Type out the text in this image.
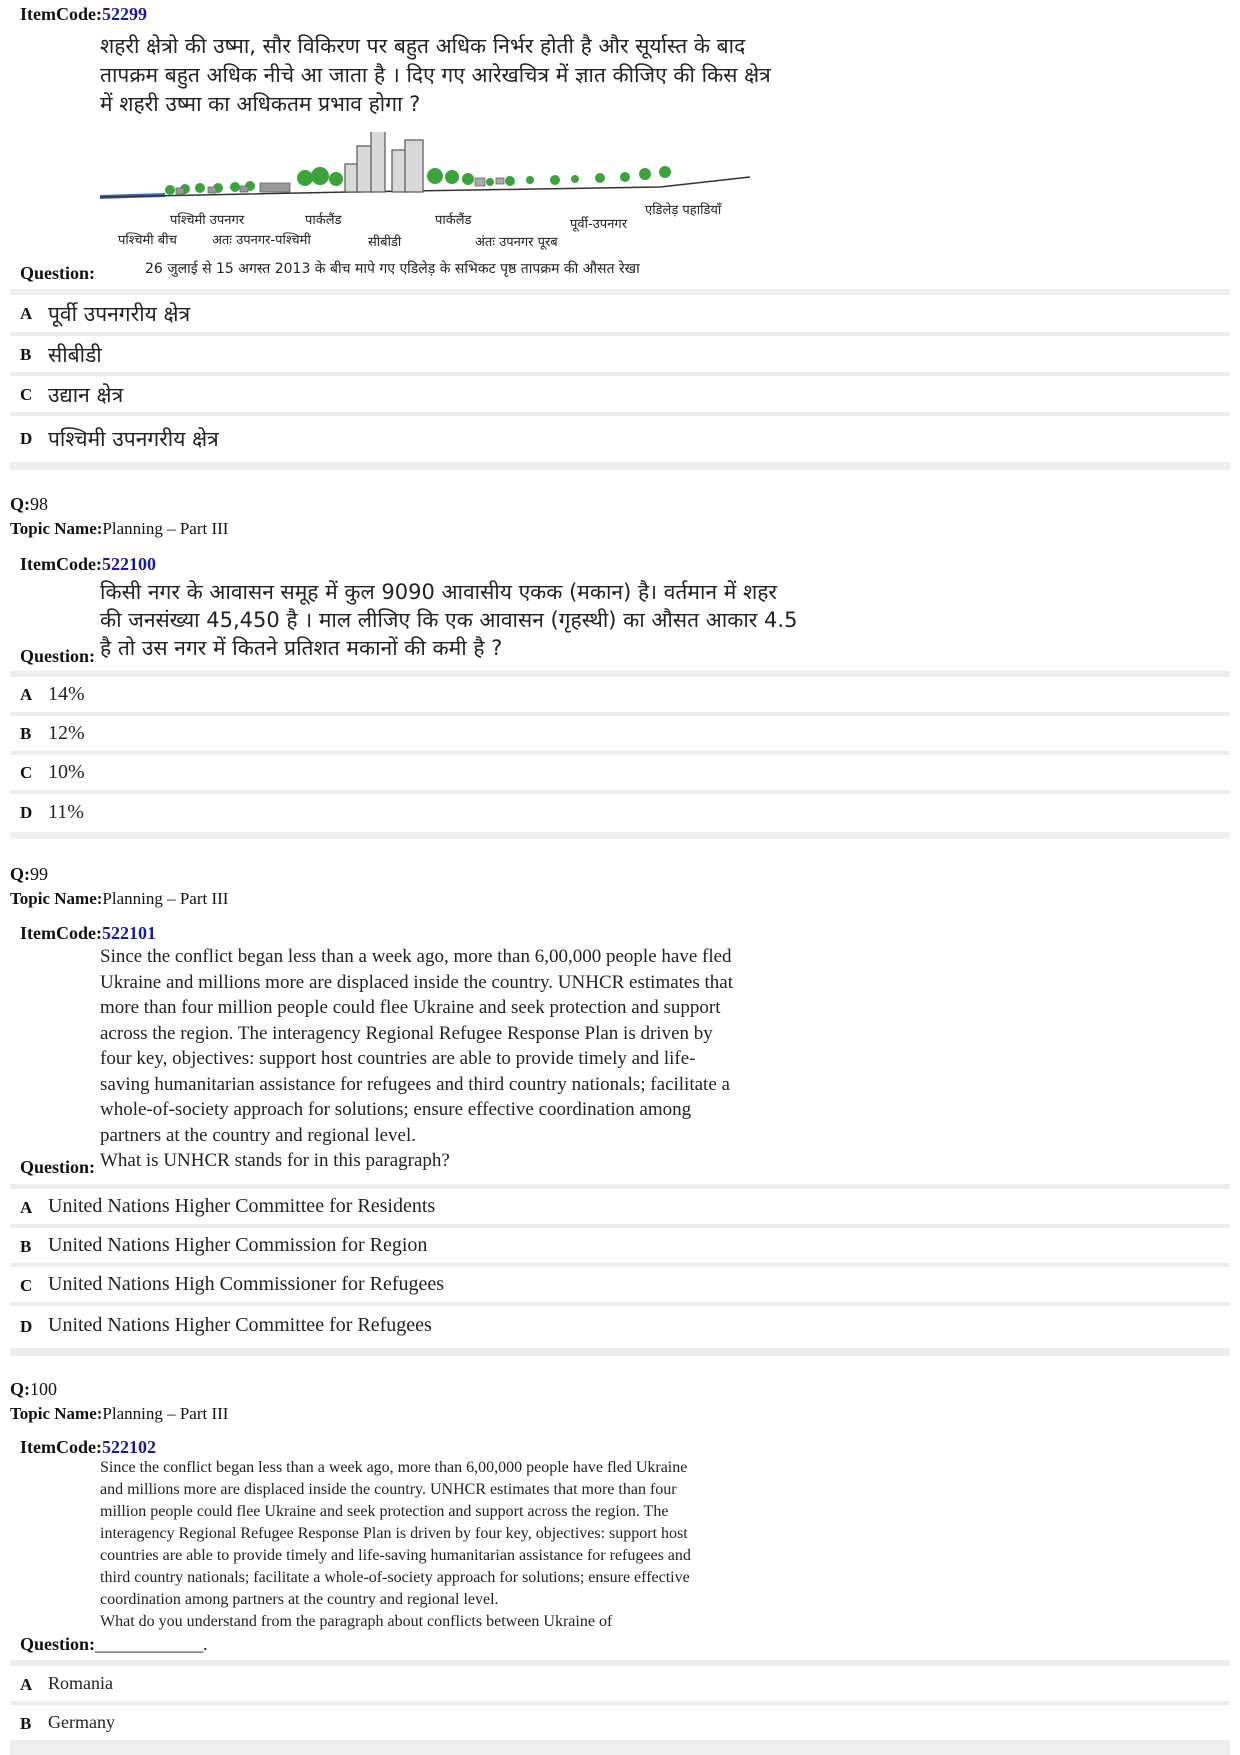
ItemCode:52299
शहरी क्षेत्रो की उष्मा, सौर विकिरण पर बहुत अधिक निर्भर होती है और सूर्यास्त के बाद
तापक्रम बहुत अधिक नीचे आ जाता है । दिए गए आरेखचित्र में ज्ञात कीजिए की किस क्षेत्र
में शहरी उष्मा का अधिकतम प्रभाव होगा ?
पश्चिमी उपनगर	पार्कलैंड	पार्कलैंड	पूर्वी-उपनगर
एडिलेड़ पहाडियाँ
पश्चिमी बीच	अतः उपनगर-पश्चिमी	सीबीडी	अंतः उपनगर पूरब
Question:	26 जुलाई से 15 अगस्त 2013 के बीच मापे गए एडिलेड़ के सभिकट पृष्ठ तापक्रम की औसत रेखा
A पूर्वी उपनगरीय क्षेत्र
B सीबीडी
C उद्यान क्षेत्र
D पश्चिमी उपनगरीय क्षेत्र
Q:98
Topic Name:Planning – Part III
ItemCode:522100
किसी नगर के आवासन समूह में कुल 9090 आवासीय एकक (मकान) है। वर्तमान में शहर
की जनसंख्या 45,450 है । माल लीजिए कि एक आवासन (गृहस्थी) का औसत आकार 4.5
है तो उस नगर में कितने प्रतिशत मकानों की कमी है ?
Question:
A 14%
B 12%
C 10%
D 11%
Q:99
Topic Name:Planning – Part III
ItemCode:522101
Since the conflict began less than a week ago, more than 6,00,000 people have fled
Ukraine and millions more are displaced inside the country. UNHCR estimates that
more than four million people could flee Ukraine and seek protection and support
across the region. The interagency Regional Refugee Response Plan is driven by
four key, objectives: support host countries are able to provide timely and life-
saving humanitarian assistance for refugees and third country nationals; facilitate a
whole-of-society approach for solutions; ensure effective coordination among
partners at the country and regional level.
What is UNHCR stands for in this paragraph?
Question:
A United Nations Higher Committee for Residents
B United Nations Higher Commission for Region
C United Nations High Commissioner for Refugees
D United Nations Higher Committee for Refugees
Q:100
Topic Name:Planning – Part III
ItemCode:522102
Since the conflict began less than a week ago, more than 6,00,000 people have fled Ukraine
and millions more are displaced inside the country. UNHCR estimates that more than four
million people could flee Ukraine and seek protection and support across the region. The
interagency Regional Refugee Response Plan is driven by four key, objectives: support host
countries are able to provide timely and life-saving humanitarian assistance for refugees and
third country nationals; facilitate a whole-of-society approach for solutions; ensure effective
coordination among partners at the country and regional level.
What do you understand from the paragraph about conflicts between Ukraine of
Question:____________.
A Romania
B Germany
